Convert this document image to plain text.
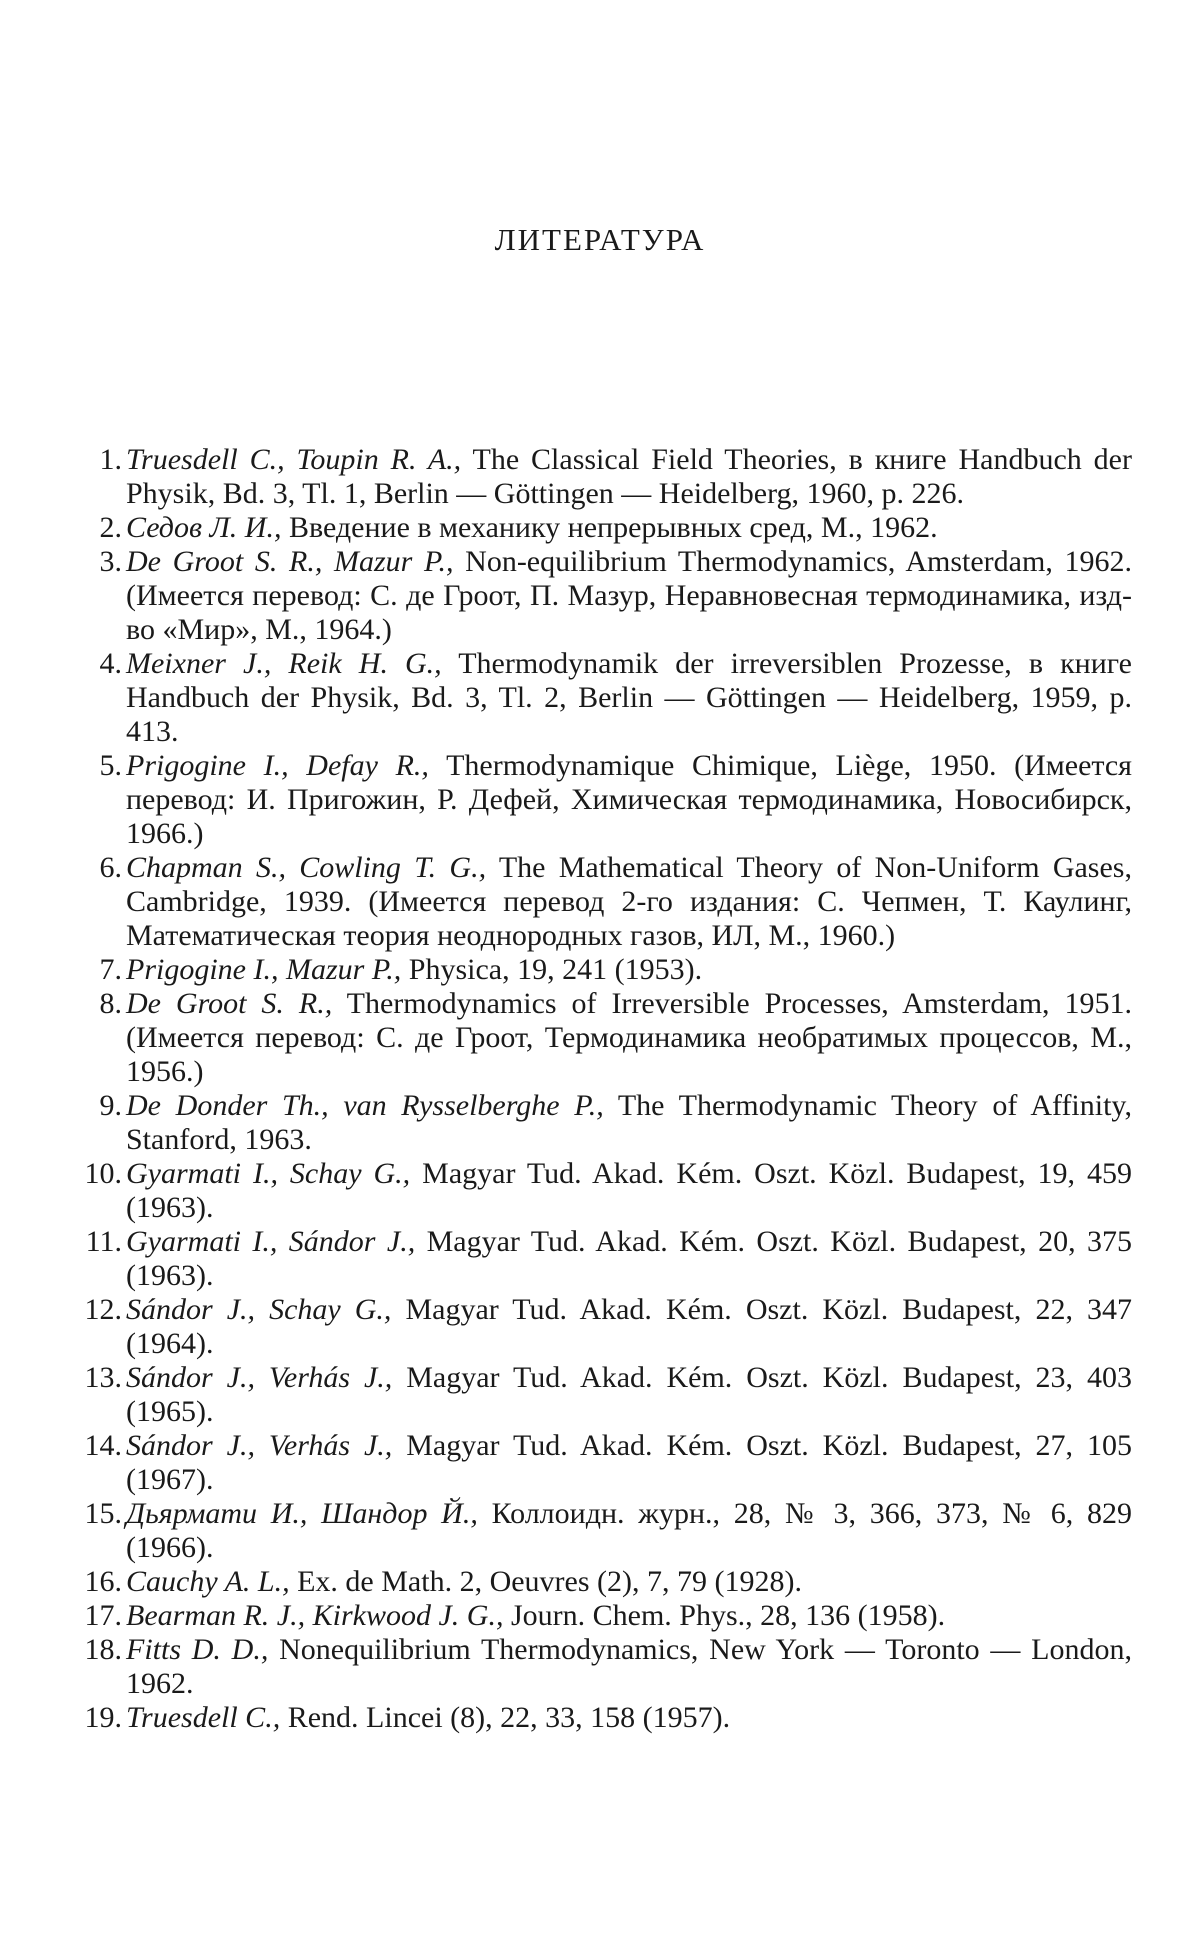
ЛИТЕРАТУРА
1. Truesdell C., Toupin R. A., The Classical Field Theories, в книге Handbuch der Physik, Bd. 3, Tl. 1, Berlin — Göttingen — Heidelberg, 1960, p. 226.
2. Седов Л. И., Введение в механику непрерывных сред, М., 1962.
3. De Groot S. R., Mazur P., Non-equilibrium Thermodynamics, Amsterdam, 1962. (Имеется перевод: С. де Гроот, П. Мазур, Неравновесная термодинамика, изд-во «Мир», М., 1964.)
4. Meixner J., Reik H. G., Thermodynamik der irreversiblen Prozesse, в книге Handbuch der Physik, Bd. 3, Tl. 2, Berlin — Göttingen — Heidelberg, 1959, p. 413.
5. Prigogine I., Defay R., Thermodynamique Chimique, Liège, 1950. (Имеется перевод: И. Пригожин, Р. Дефей, Химическая термодинамика, Новосибирск, 1966.)
6. Chapman S., Cowling T. G., The Mathematical Theory of Non-Uniform Gases, Cambridge, 1939. (Имеется перевод 2-го издания: С. Чепмен, Т. Каулинг, Математическая теория неоднородных газов, ИЛ, М., 1960.)
7. Prigogine I., Mazur P., Physica, 19, 241 (1953).
8. De Groot S. R., Thermodynamics of Irreversible Processes, Amsterdam, 1951. (Имеется перевод: С. де Гроот, Термодинамика необратимых процессов, М., 1956.)
9. De Donder Th., van Rysselberghe P., The Thermodynamic Theory of Affinity, Stanford, 1963.
10. Gyarmati I., Schay G., Magyar Tud. Akad. Kém. Oszt. Közl. Budapest, 19, 459 (1963).
11. Gyarmati I., Sándor J., Magyar Tud. Akad. Kém. Oszt. Közl. Budapest, 20, 375 (1963).
12. Sándor J., Schay G., Magyar Tud. Akad. Kém. Oszt. Közl. Budapest, 22, 347 (1964).
13. Sándor J., Verhás J., Magyar Tud. Akad. Kém. Oszt. Közl. Budapest, 23, 403 (1965).
14. Sándor J., Verhás J., Magyar Tud. Akad. Kém. Oszt. Közl. Budapest, 27, 105 (1967).
15. Дьярмати И., Шандор Й., Коллоидн. журн., 28, № 3, 366, 373, № 6, 829 (1966).
16. Cauchy A. L., Ex. de Math. 2, Oeuvres (2), 7, 79 (1928).
17. Bearman R. J., Kirkwood J. G., Journ. Chem. Phys., 28, 136 (1958).
18. Fitts D. D., Nonequilibrium Thermodynamics, New York — Toronto — London, 1962.
19. Truesdell C., Rend. Lincei (8), 22, 33, 158 (1957).
